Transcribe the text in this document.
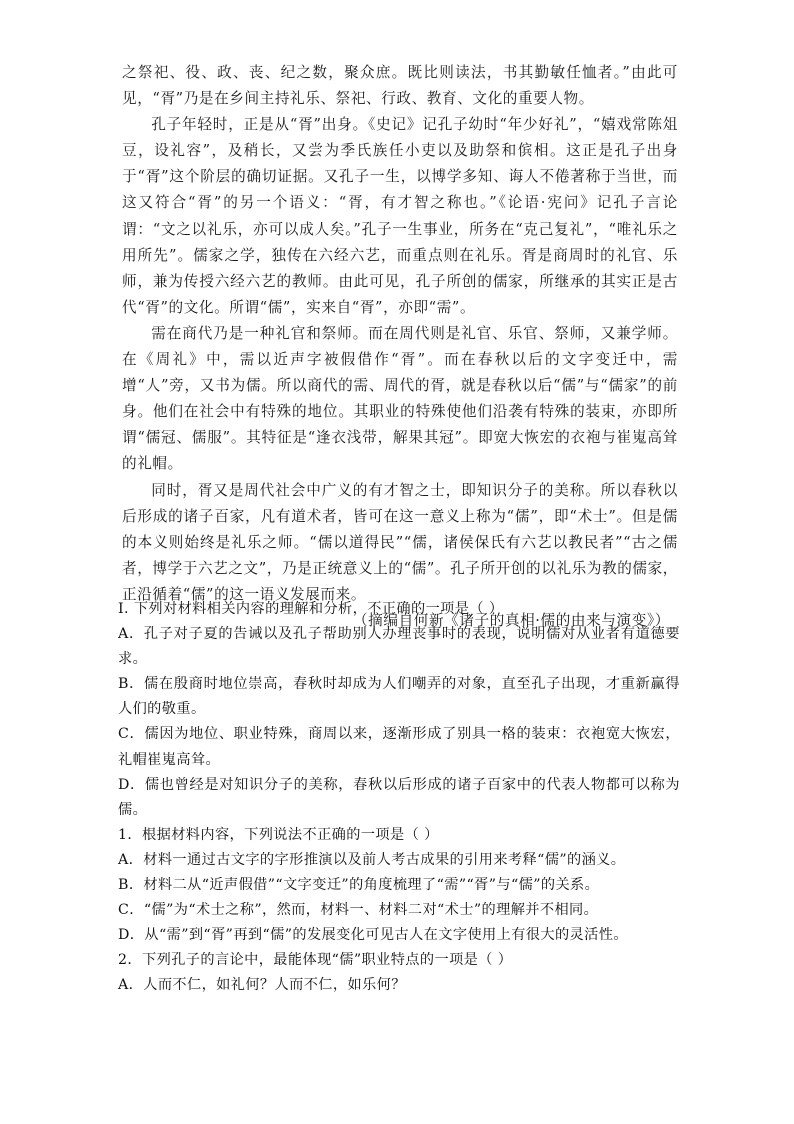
之祭祀、役、政、丧、纪之数，聚众庶。既比则读法，书其勤敏任恤者。”由此可见，“胥”乃是在乡间主持礼乐、祭祀、行政、教育、文化的重要人物。

孔子年轻时，正是从“胥”出身。《史记》记孔子幼时“年少好礼”，“嬉戏常陈俎豆，设礼容”，及稍长，又尝为季氏族任小吏以及助祭和傧相。这正是孔子出身于“胥”这个阶层的确切证据。又孔子一生，以博学多知、诲人不倦著称于当世，而这又符合“胥”的另一个语义：“胥，有才智之称也。”《论语·宪问》记孔子言论谓：“文之以礼乐，亦可以成人矣。”孔子一生事业，所务在“克己复礼”，“唯礼乐之用所先”。儒家之学，独传在六经六艺，而重点则在礼乐。胥是商周时的礼官、乐师，兼为传授六经六艺的教师。由此可见，孔子所创的儒家，所继承的其实正是古代“胥”的文化。所谓“儒”，实来自“胥”，亦即“需”。

需在商代乃是一种礼官和祭师。而在周代则是礼官、乐官、祭师，又兼学师。在《周礼》中，需以近声字被假借作“胥”。而在春秋以后的文字变迁中，需增“人”旁，又书为儒。所以商代的需、周代的胥，就是春秋以后“儒”与“儒家”的前身。他们在社会中有特殊的地位。其职业的特殊使他们沿袭有特殊的装束，亦即所谓“儒冠、儒服”。其特征是“逢衣浅带，解果其冠”。即宽大恢宏的衣袍与崔嵬高耸的礼帽。

同时，胥又是周代社会中广义的有才智之士，即知识分子的美称。所以春秋以后形成的诸子百家，凡有道术者，皆可在这一意义上称为“儒”，即“术士”。但是儒的本义则始终是礼乐之师。“儒以道得民”“儒，诸侯保氏有六艺以教民者”“古之儒者，博学于六艺之文”，乃是正统意义上的“儒”。孔子所开创的以礼乐为教的儒家，正沿循着“儒”的这一语义发展而来。

（摘编自何新《诸子的真相·儒的由来与演变》）

I. 下列对材料相关内容的理解和分析，不正确的一项是（ ）

A．孔子对子夏的告诫以及孔子帮助别人办理丧事时的表现，说明儒对从业者有道德要求。

B．儒在殷商时地位崇高，春秋时却成为人们嘲弄的对象，直至孔子出现，才重新赢得人们的敬重。

C．儒因为地位、职业特殊，商周以来，逐渐形成了别具一格的装束：衣袍宽大恢宏，礼帽崔嵬高耸。

D．儒也曾经是对知识分子的美称，春秋以后形成的诸子百家中的代表人物都可以称为儒。

1．根据材料内容，下列说法不正确的一项是（ ）

A．材料一通过古文字的字形推演以及前人考古成果的引用来考释“儒”的涵义。

B．材料二从“近声假借”“文字变迁”的角度梳理了“需”“胥”与“儒”的关系。

C．“儒”为“术士之称”，然而，材料一、材料二对“术士”的理解并不相同。

D．从“需”到“胥”再到“儒”的发展变化可见古人在文字使用上有很大的灵活性。

2．下列孔子的言论中，最能体现“儒”职业特点的一项是（ ）

A．人而不仁，如礼何？人而不仁，如乐何？
